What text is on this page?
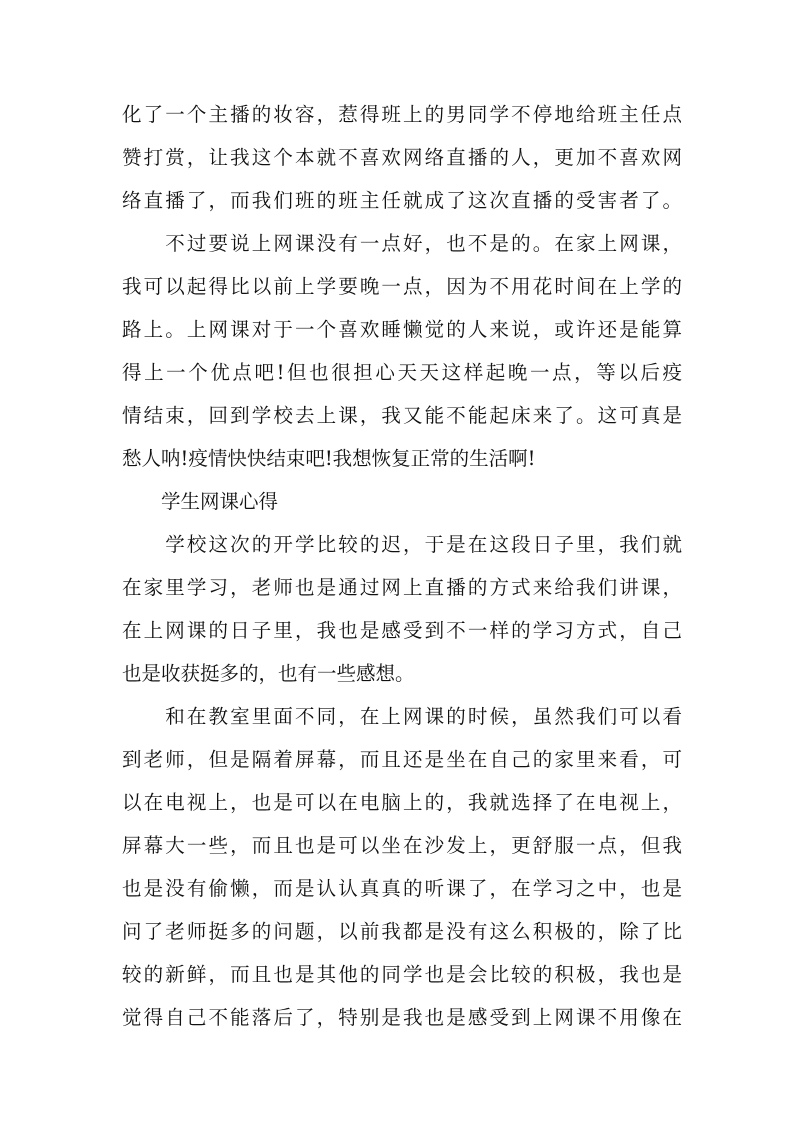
化了一个主播的妆容，惹得班上的男同学不停地给班主任点
赞打赏，让我这个本就不喜欢网络直播的人，更加不喜欢网
络直播了，而我们班的班主任就成了这次直播的受害者了。
　　不过要说上网课没有一点好，也不是的。在家上网课，
我可以起得比以前上学要晚一点，因为不用花时间在上学的
路上。上网课对于一个喜欢睡懒觉的人来说，或许还是能算
得上一个优点吧!但也很担心天天这样起晚一点，等以后疫
情结束，回到学校去上课，我又能不能起床来了。这可真是
愁人呐!疫情快快结束吧!我想恢复正常的生活啊!
　　学生网课心得
　　学校这次的开学比较的迟，于是在这段日子里，我们就
在家里学习，老师也是通过网上直播的方式来给我们讲课，
在上网课的日子里，我也是感受到不一样的学习方式，自己
也是收获挺多的，也有一些感想。
　　和在教室里面不同，在上网课的时候，虽然我们可以看
到老师，但是隔着屏幕，而且还是坐在自己的家里来看，可
以在电视上，也是可以在电脑上的，我就选择了在电视上，
屏幕大一些，而且也是可以坐在沙发上，更舒服一点，但我
也是没有偷懒，而是认认真真的听课了，在学习之中，也是
问了老师挺多的问题，以前我都是没有这么积极的，除了比
较的新鲜，而且也是其他的同学也是会比较的积极，我也是
觉得自己不能落后了，特别是我也是感受到上网课不用像在
